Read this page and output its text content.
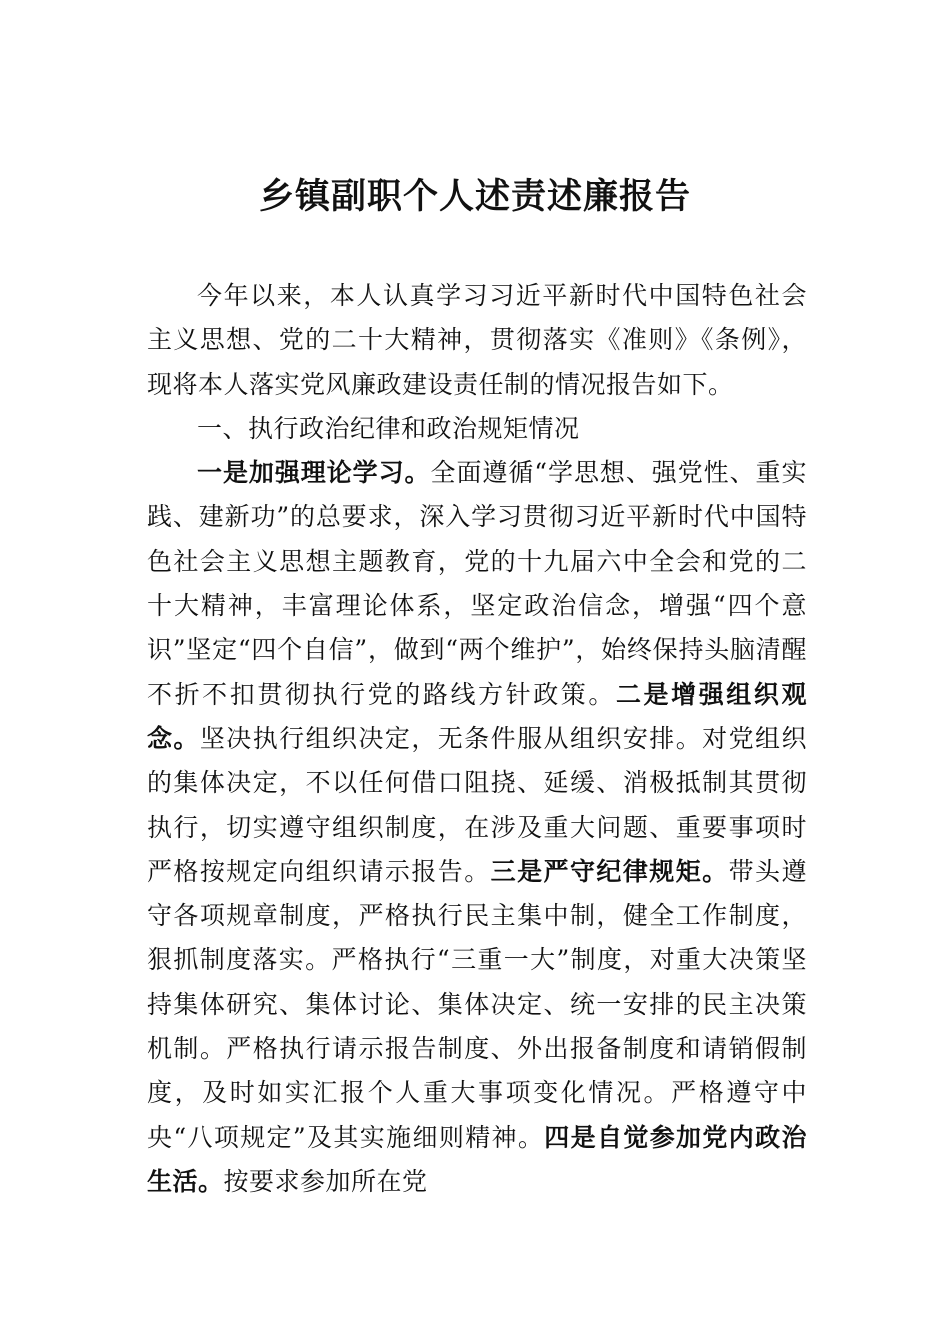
乡镇副职个人述责述廉报告

今年以来，本人认真学习习近平新时代中国特色社会主义思想、党的二十大精神，贯彻落实《准则》《条例》，现将本人落实党风廉政建设责任制的情况报告如下。

一、执行政治纪律和政治规矩情况

一是加强理论学习。全面遵循“学思想、强党性、重实践、建新功”的总要求，深入学习贯彻习近平新时代中国特色社会主义思想主题教育，党的十九届六中全会和党的二十大精神，丰富理论体系，坚定政治信念，增强“四个意识”坚定“四个自信”，做到“两个维护”，始终保持头脑清醒不折不扣贯彻执行党的路线方针政策。二是增强组织观念。坚决执行组织决定，无条件服从组织安排。对党组织的集体决定，不以任何借口阻挠、延缓、消极抵制其贯彻执行，切实遵守组织制度，在涉及重大问题、重要事项时严格按规定向组织请示报告。三是严守纪律规矩。带头遵守各项规章制度，严格执行民主集中制，健全工作制度，狠抓制度落实。严格执行“三重一大”制度，对重大决策坚持集体研究、集体讨论、集体决定、统一安排的民主决策机制。严格执行请示报告制度、外出报备制度和请销假制度，及时如实汇报个人重大事项变化情况。严格遵守中央“八项规定”及其实施细则精神。四是自觉参加党内政治生活。按要求参加所在党
